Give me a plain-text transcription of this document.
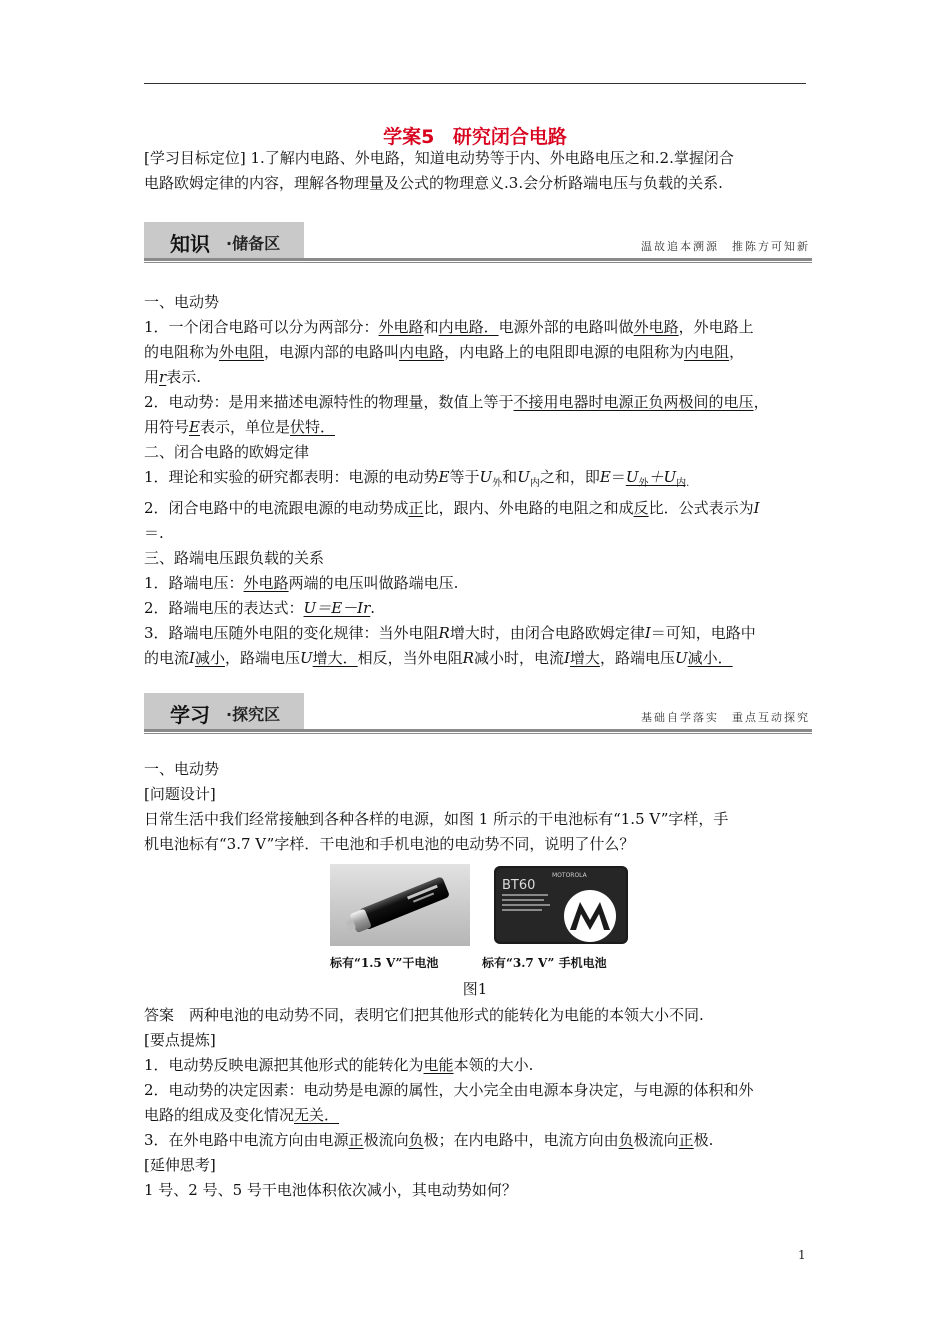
学案5 研究闭合电路

[学习目标定位] 1.了解内电路、外电路，知道电动势等于内、外电路电压之和.2.掌握闭合

电路欧姆定律的内容，理解各物理量及公式的物理意义.3.会分析路端电压与负载的关系.

知识 ·储备区	温故追本溯源　推陈方可知新

一、电动势

1．一个闭合电路可以分为两部分：外电路和内电路．电源外部的电路叫做外电路，外电路上

的电阻称为外电阻，电源内部的电路叫内电路，内电路上的电阻即电源的电阻称为内电阻，

用r表示.

2．电动势：是用来描述电源特性的物理量，数值上等于不接用电器时电源正负两极间的电压，

用符号E表示，单位是伏特．

二、闭合电路的欧姆定律

1．理论和实验的研究都表明：电源的电动势E等于$U_外$和$U_内$之和，即$E=U_外+U_{内.}$

2．闭合电路中的电流跟电源的电动势成正比，跟内、外电路的电阻之和成反比．公式表示为I

＝.

三、路端电压跟负载的关系

1．路端电压：外电路两端的电压叫做路端电压.

2．路端电压的表达式：U＝E－Ir.

3．路端电压随外电阻的变化规律：当外电阻R增大时，由闭合电路欧姆定律I＝可知，电路中

的电流I减小，路端电压U增大．相反，当外电阻R减小时，电流I增大，路端电压U减小．

学习 ·探究区	基础自学落实　重点互动探究

一、电动势

[问题设计]

日常生活中我们经常接触到各种各样的电源，如图 1 所示的干电池标有“1.5 V”字样，手

机电池标有“3.7 V”字样．干电池和手机电池的电动势不同，说明了什么？

BT60
MOTOROLA
标有“1.5 V”干电池	标有“3.7 V” 手机电池
图1

答案　两种电池的电动势不同，表明它们把其他形式的能转化为电能的本领大小不同.

[要点提炼]

1．电动势反映电源把其他形式的能转化为电能本领的大小.

2．电动势的决定因素：电动势是电源的属性，大小完全由电源本身决定，与电源的体积和外

电路的组成及变化情况无关．

3．在外电路中电流方向由电源正极流向负极；在内电路中，电流方向由负极流向正极.

[延伸思考]

1 号、2 号、5 号干电池体积依次减小，其电动势如何？

1
